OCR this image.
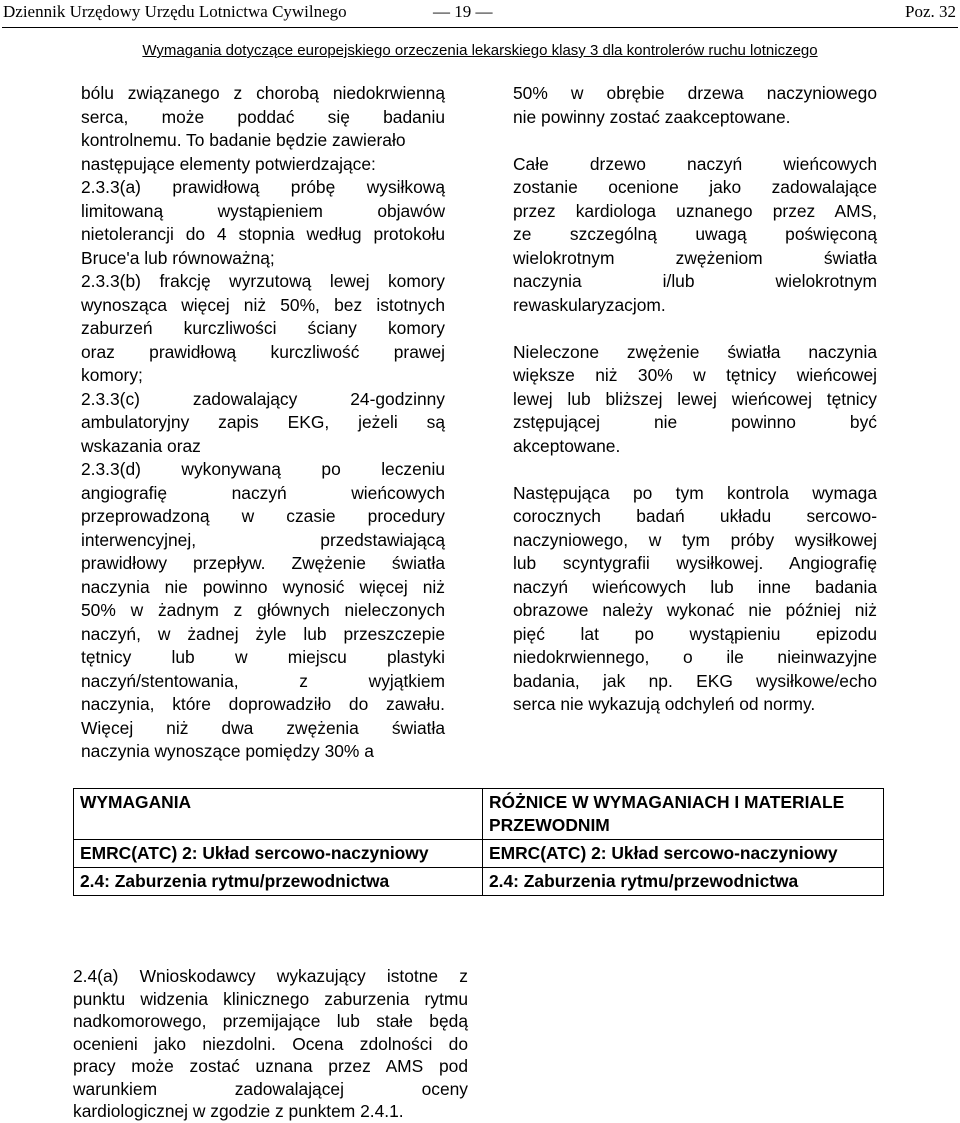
Dziennik Urzędowy Urzędu Lotnictwa Cywilnego	— 19 —	Poz. 32
Wymagania dotyczące europejskiego orzeczenia lekarskiego klasy 3 dla kontrolerów ruchu lotniczego

bólu związanego z chorobą niedokrwienną

serca, może poddać się badaniu

kontrolnemu. To badanie będzie zawierało

następujące elementy potwierdzające:

2.3.3(a) prawidłową próbę wysiłkową

limitowaną wystąpieniem objawów

nietolerancji do 4 stopnia według protokołu

Bruce'a lub równoważną;

2.3.3(b) frakcję wyrzutową lewej komory

wynosząca więcej niż 50%, bez istotnych

zaburzeń kurczliwości ściany komory

oraz prawidłową kurczliwość prawej

komory;

2.3.3(c) zadowalający 24-godzinny

ambulatoryjny zapis EKG, jeżeli są

wskazania oraz

2.3.3(d) wykonywaną po leczeniu

angiografię naczyń wieńcowych

przeprowadzoną w czasie procedury

interwencyjnej, przedstawiającą

prawidłowy przepływ. Zwężenie światła

naczynia nie powinno wynosić więcej niż

50% w żadnym z głównych nieleczonych

naczyń, w żadnej żyle lub przeszczepie

tętnicy lub w miejscu plastyki

naczyń/stentowania, z wyjątkiem

naczynia, które doprowadziło do zawału.

Więcej niż dwa zwężenia światła

naczynia wynoszące pomiędzy 30% a

50% w obrębie drzewa naczyniowego

nie powinny zostać zaakceptowane.

Całe drzewo naczyń wieńcowych

zostanie ocenione jako zadowalające

przez kardiologa uznanego przez AMS,

ze szczególną uwagą poświęconą

wielokrotnym zwężeniom światła

naczynia i/lub wielokrotnym

rewaskularyzacjom.

Nieleczone zwężenie światła naczynia

większe niż 30% w tętnicy wieńcowej

lewej lub bliższej lewej wieńcowej tętnicy

zstępującej nie powinno być

akceptowane.

Następująca po tym kontrola wymaga

corocznych badań układu sercowo-

naczyniowego, w tym próby wysiłkowej

lub scyntygrafii wysiłkowej. Angiografię

naczyń wieńcowych lub inne badania

obrazowe należy wykonać nie później niż

pięć lat po wystąpieniu epizodu

niedokrwiennego, o ile nieinwazyjne

badania, jak np. EKG wysiłkowe/echo

serca nie wykazują odchyleń od normy.

WYMAGANIA	RÓŻNICE W WYMAGANIACH I MATERIALE PRZEWODNIM
EMRC(ATC) 2: Układ sercowo-naczyniowy	EMRC(ATC) 2: Układ sercowo-naczyniowy
2.4: Zaburzenia rytmu/przewodnictwa	2.4: Zaburzenia rytmu/przewodnictwa

2.4(a) Wnioskodawcy wykazujący istotne z

punktu widzenia klinicznego zaburzenia rytmu

nadkomorowego, przemijające lub stałe będą

ocenieni jako niezdolni. Ocena zdolności do

pracy może zostać uznana przez AMS pod

warunkiem zadowalającej oceny

kardiologicznej w zgodzie z punktem 2.4.1.
